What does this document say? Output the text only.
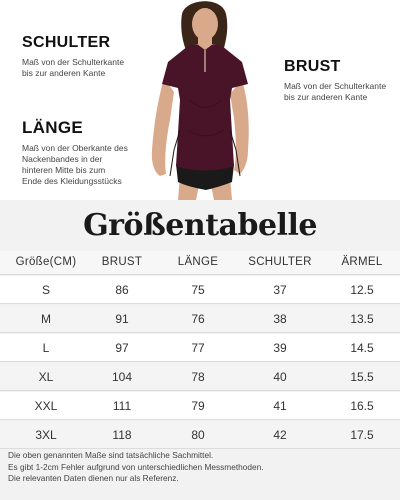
SCHULTER
Maß von der Schulterkante
bis zur anderen Kante	BRUST
Maß von der Schulterkante
bis zur anderen Kante
LÄNGE
Maß von der Oberkante des
Nackenbandes in der
hinteren Mitte bis zum
Ende des Kleidungsstücks
Größentabelle
Größe(CM)	BRUST	LÄNGE	SCHULTER	ÄRMEL
S	86	75	37	12.5
M	91	76	38	13.5
L	97	77	39	14.5
XL	104	78	40	15.5
XXL	111	79	41	16.5
3XL	118	80	42	17.5
Die oben genannten Maße sind tatsächliche Sachmittel.
Es gibt 1-2cm Fehler aufgrund von unterschiedlichen Messmethoden.
Die relevanten Daten dienen nur als Referenz.
